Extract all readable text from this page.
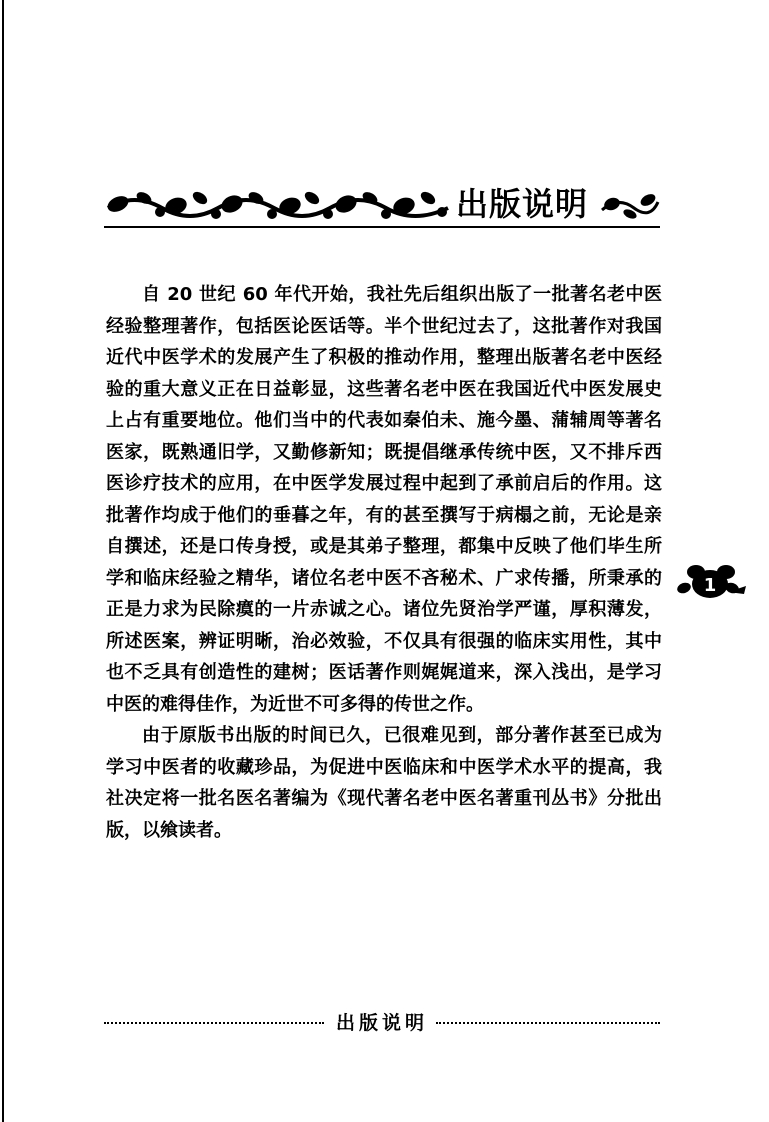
出版说明

自 20 世纪 60 年代开始，我社先后组织出版了一批著名老中医经验整理著作，包括医论医话等。半个世纪过去了，这批著作对我国近代中医学术的发展产生了积极的推动作用，整理出版著名老中医经验的重大意义正在日益彰显，这些著名老中医在我国近代中医发展史上占有重要地位。他们当中的代表如秦伯未、施今墨、蒲辅周等著名医家，既熟通旧学，又勤修新知；既提倡继承传统中医，又不排斥西医诊疗技术的应用，在中医学发展过程中起到了承前启后的作用。这批著作均成于他们的垂暮之年，有的甚至撰写于病榻之前，无论是亲自撰述，还是口传身授，或是其弟子整理，都集中反映了他们毕生所学和临床经验之精华，诸位名老中医不吝秘术、广求传播，所秉承的正是力求为民除瘼的一片赤诚之心。诸位先贤治学严谨，厚积薄发，所述医案，辨证明晰，治必效验，不仅具有很强的临床实用性，其中也不乏具有创造性的建树；医话著作则娓娓道来，深入浅出，是学习中医的难得佳作，为近世不可多得的传世之作。

由于原版书出版的时间已久，已很难见到，部分著作甚至已成为学习中医者的收藏珍品，为促进中医临床和中医学术水平的提高，我社决定将一批名医名著编为《现代著名老中医名著重刊丛书》分批出版，以飨读者。

1
出版说明
